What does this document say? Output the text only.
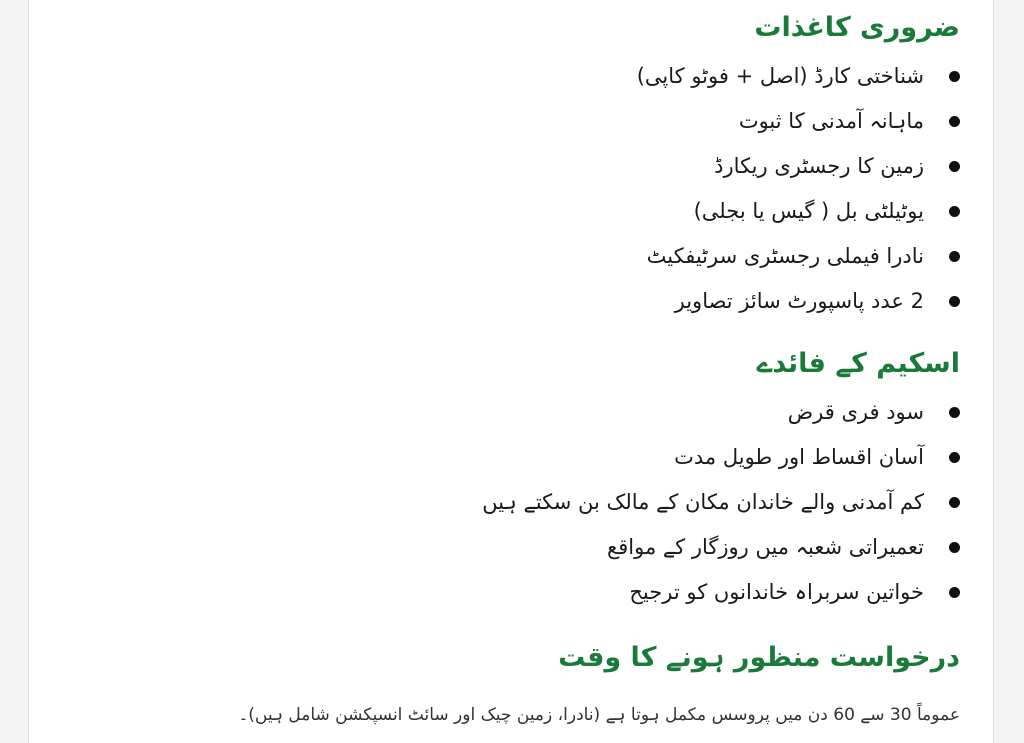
ضروری کاغذات
شناختی کارڈ (اصل + فوٹو کاپی)
ماہانہ آمدنی کا ثبوت
زمین کا رجسٹری ریکارڈ
یوٹیلٹی بل ( گیس یا بجلی)
نادرا فیملی رجسٹری سرٹیفکیٹ
2 عدد پاسپورٹ سائز تصاویر
اسکیم کے فائدے
سود فری قرض
آسان اقساط اور طویل مدت
کم آمدنی والے خاندان مکان کے مالک بن سکتے ہیں
تعمیراتی شعبہ میں روزگار کے مواقع
خواتین سربراہ خاندانوں کو ترجیح
درخواست منظور ہونے کا وقت

عموماً 30 سے 60 دن میں پروسس مکمل ہوتا ہے (نادرا، زمین چیک اور سائٹ انسپکشن شامل ہیں)۔
